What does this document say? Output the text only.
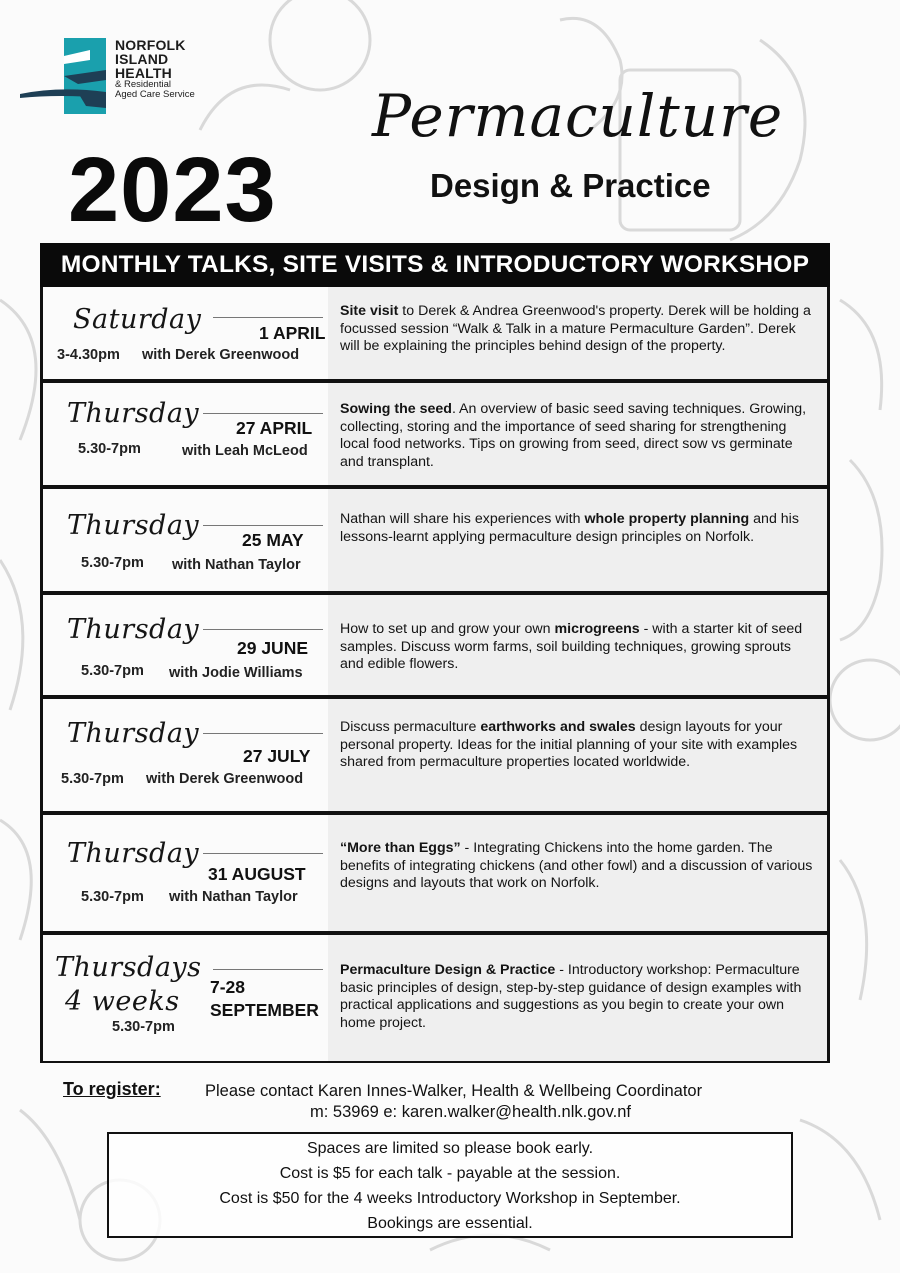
NORFOLK
ISLAND
HEALTH
& Residential
Aged Care Service
2023
Permaculture
Design & Practice
MONTHLY TALKS, SITE VISITS & INTRODUCTORY WORKSHOP
Saturday	1 APRIL
3-4.30pm with Derek Greenwood
Site visit to Derek & Andrea Greenwood's property. Derek will be holding a focussed session “Walk & Talk in a mature Permaculture Garden”. Derek will be explaining the principles behind design of the property.
Thursday 27 APRIL
5.30-7pm	with Leah McLeod
Sowing the seed. An overview of basic seed saving techniques. Growing, collecting, storing and the importance of seed sharing for strengthening local food networks. Tips on growing from seed, direct sow vs germinate and transplant.
Thursday 25 MAY
5.30-7pm with Nathan Taylor
Nathan will share his experiences with whole property planning and his lessons-learnt applying permaculture design principles on Norfolk.
Thursday
29 JUNE
5.30-7pm with Jodie Williams
How to set up and grow your own microgreens - with a starter kit of seed samples. Discuss worm farms, soil building techniques, growing sprouts and edible flowers.
Thursday
27 JULY
5.30-7pm with Derek Greenwood
Discuss permaculture earthworks and swales design layouts for your personal property. Ideas for the initial planning of your site with examples shared from permaculture properties located worldwide.
Thursday
31 AUGUST
5.30-7pm with Nathan Taylor
“More than Eggs” - Integrating Chickens into the home garden. The benefits of integrating chickens (and other fowl) and a discussion of various designs and layouts that work on Norfolk.
Thursdays
4 weeks 7-28
SEPTEMBER
5.30-7pm
Permaculture Design & Practice - Introductory workshop: Permaculture basic principles of design, step-by-step guidance of design examples with practical applications and suggestions as you begin to create your own home project.
To register:	Please contact Karen Innes-Walker, Health & Wellbeing Coordinator
m: 53969 e: karen.walker@health.nlk.gov.nf
Spaces are limited so please book early.
Cost is $5 for each talk - payable at the session.
Cost is $50 for the 4 weeks Introductory Workshop in September.
Bookings are essential.
